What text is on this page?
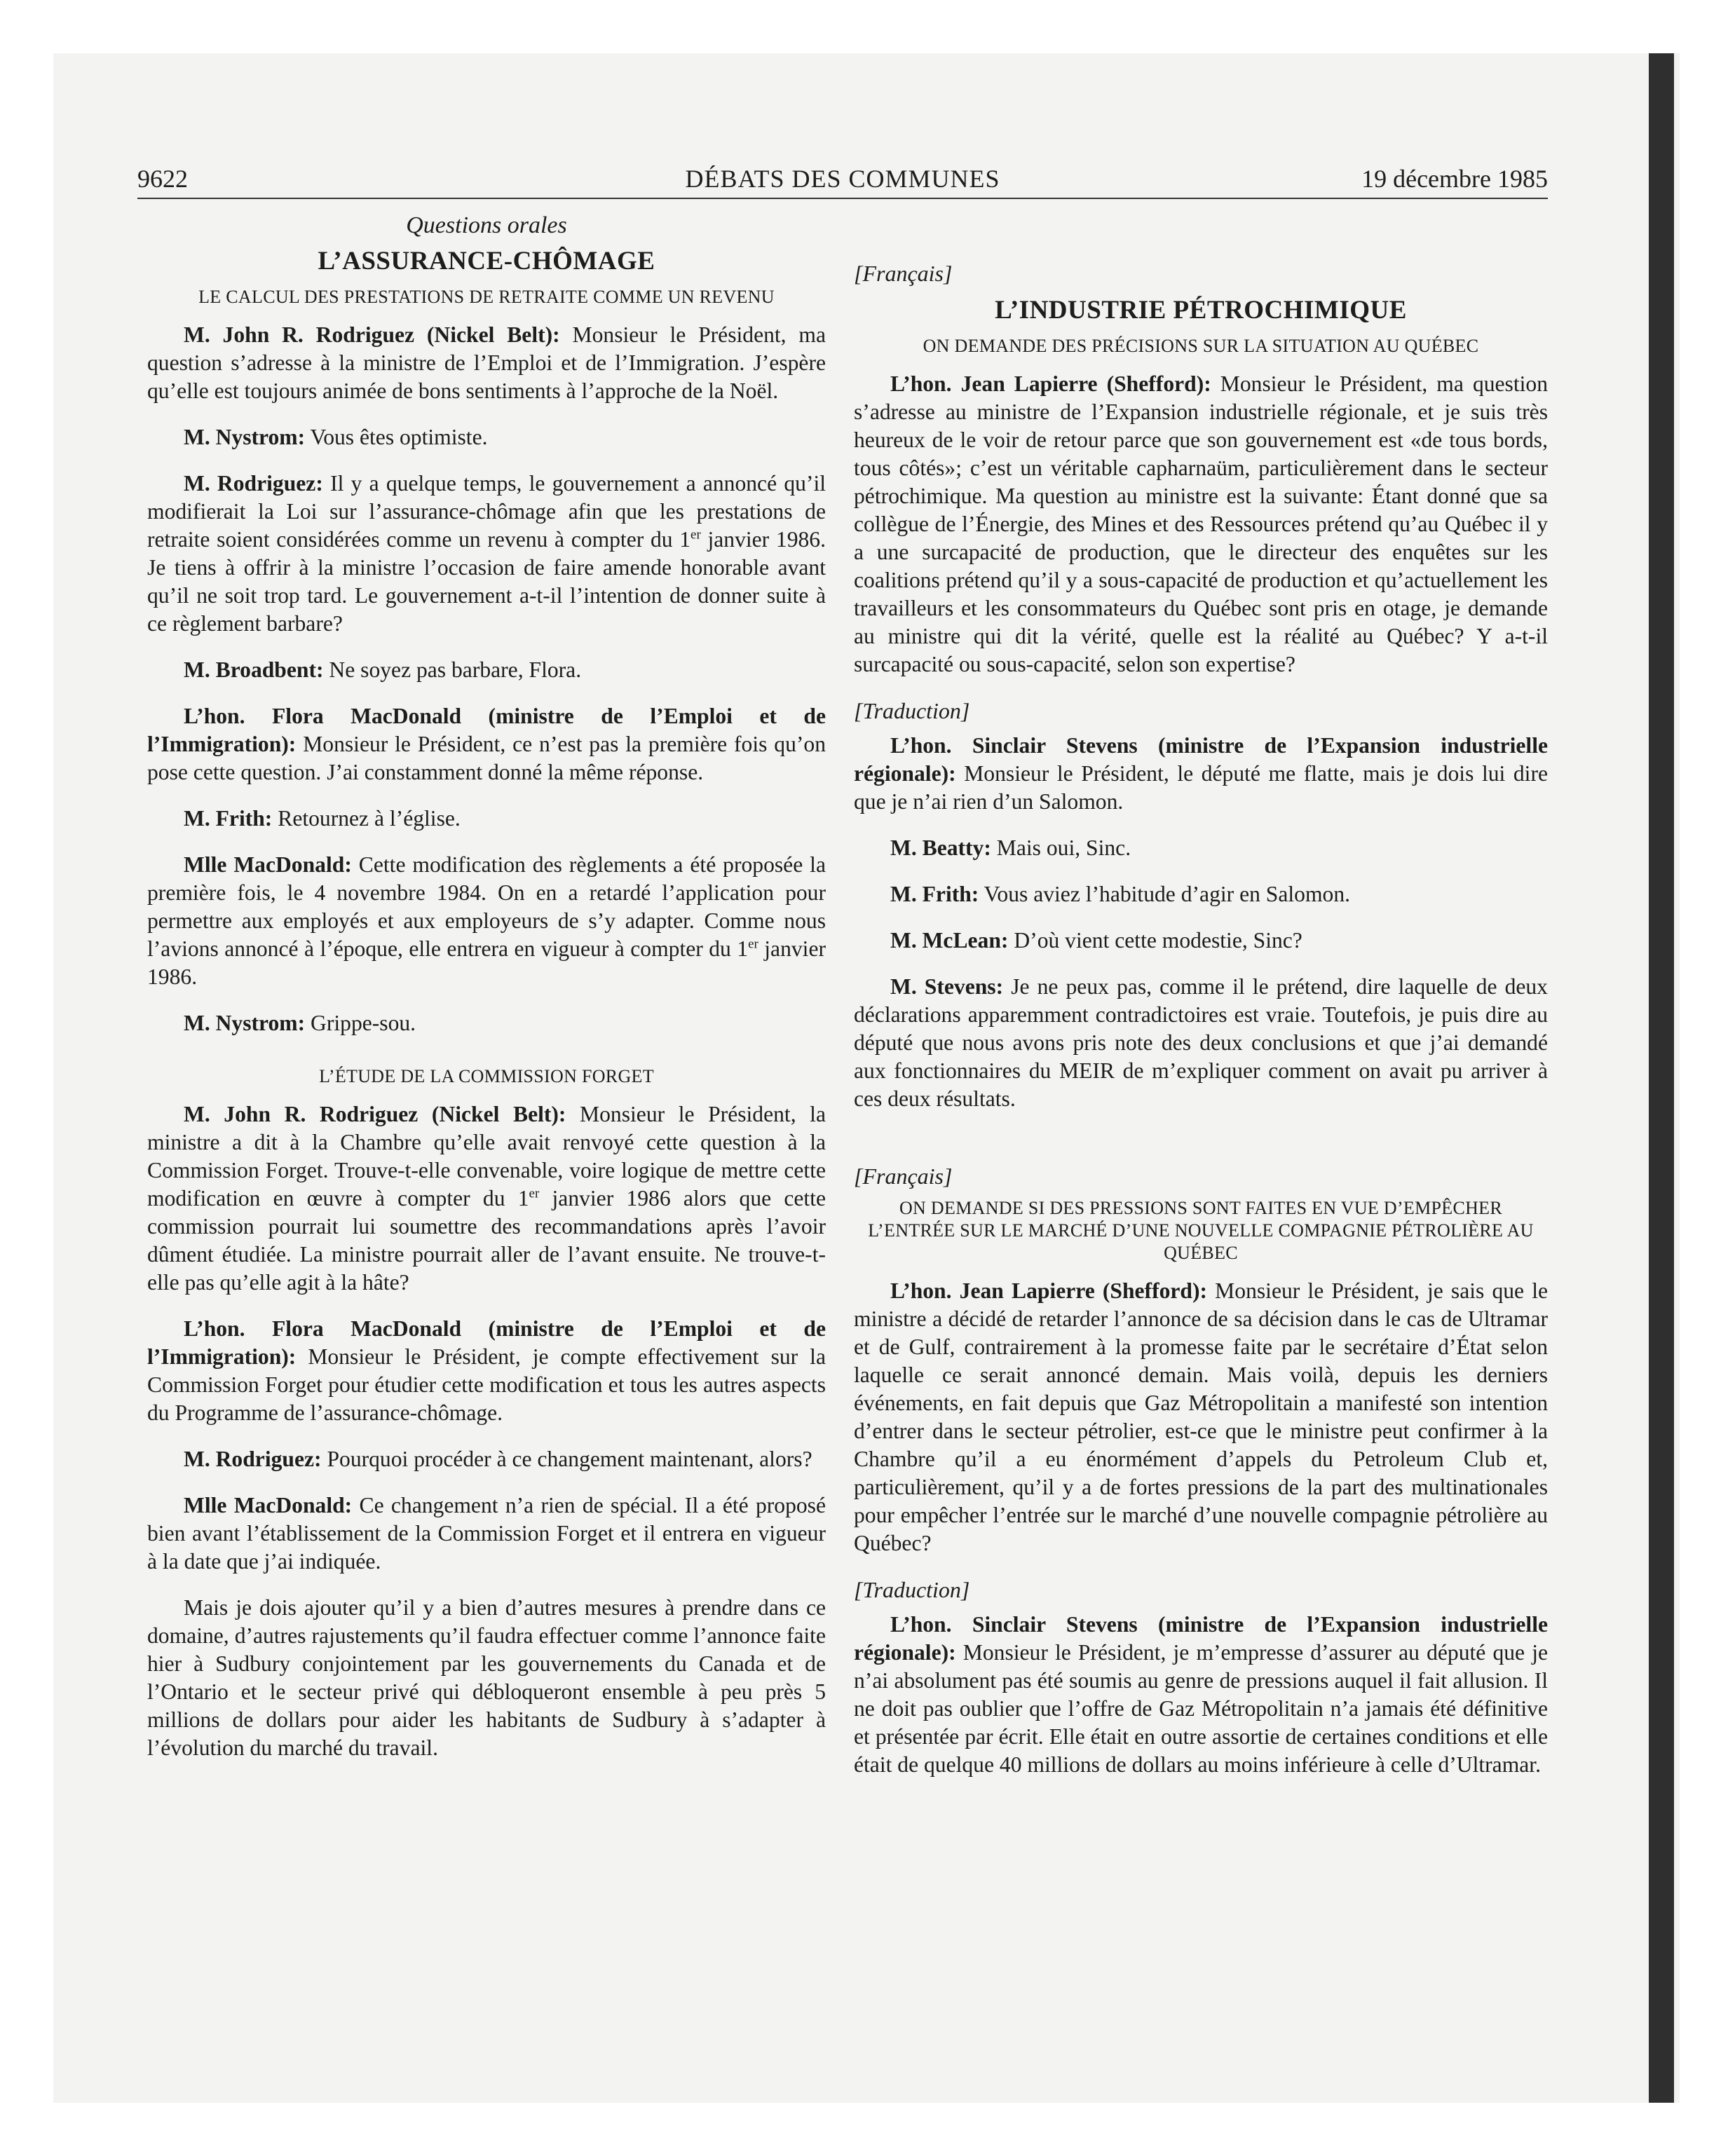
9622	DÉBATS DES COMMUNES	19 décembre 1985
Questions orales
L’ASSURANCE-CHÔMAGE
LE CALCUL DES PRESTATIONS DE RETRAITE COMME UN REVENU

M. John R. Rodriguez (Nickel Belt): Monsieur le Président, ma question s’adresse à la ministre de l’Emploi et de l’Immigration. J’espère qu’elle est toujours animée de bons sentiments à l’approche de la Noël.

M. Nystrom: Vous êtes optimiste.

M. Rodriguez: Il y a quelque temps, le gouvernement a annoncé qu’il modifierait la Loi sur l’assurance-chômage afin que les prestations de retraite soient considérées comme un revenu à compter du 1er janvier 1986. Je tiens à offrir à la ministre l’occasion de faire amende honorable avant qu’il ne soit trop tard. Le gouvernement a-t-il l’intention de donner suite à ce règlement barbare?

M. Broadbent: Ne soyez pas barbare, Flora.

L’hon. Flora MacDonald (ministre de l’Emploi et de l’Immigration): Monsieur le Président, ce n’est pas la première fois qu’on pose cette question. J’ai constamment donné la même réponse.

M. Frith: Retournez à l’église.

Mlle MacDonald: Cette modification des règlements a été proposée la première fois, le 4 novembre 1984. On en a retardé l’application pour permettre aux employés et aux employeurs de s’y adapter. Comme nous l’avions annoncé à l’époque, elle entrera en vigueur à compter du 1er janvier 1986.

M. Nystrom: Grippe-sou.

L’ÉTUDE DE LA COMMISSION FORGET

M. John R. Rodriguez (Nickel Belt): Monsieur le Président, la ministre a dit à la Chambre qu’elle avait renvoyé cette question à la Commission Forget. Trouve-t-elle convenable, voire logique de mettre cette modification en œuvre à compter du 1er janvier 1986 alors que cette commission pourrait lui soumettre des recommandations après l’avoir dûment étudiée. La ministre pourrait aller de l’avant ensuite. Ne trouve-t-elle pas qu’elle agit à la hâte?

L’hon. Flora MacDonald (ministre de l’Emploi et de l’Immigration): Monsieur le Président, je compte effectivement sur la Commission Forget pour étudier cette modification et tous les autres aspects du Programme de l’assurance-chômage.

M. Rodriguez: Pourquoi procéder à ce changement maintenant, alors?

Mlle MacDonald: Ce changement n’a rien de spécial. Il a été proposé bien avant l’établissement de la Commission Forget et il entrera en vigueur à la date que j’ai indiquée.

Mais je dois ajouter qu’il y a bien d’autres mesures à prendre dans ce domaine, d’autres rajustements qu’il faudra effectuer comme l’annonce faite hier à Sudbury conjointement par les gouvernements du Canada et de l’Ontario et le secteur privé qui débloqueront ensemble à peu près 5 millions de dollars pour aider les habitants de Sudbury à s’adapter à l’évolution du marché du travail.

[Français]
L’INDUSTRIE PÉTROCHIMIQUE
ON DEMANDE DES PRÉCISIONS SUR LA SITUATION AU QUÉBEC

L’hon. Jean Lapierre (Shefford): Monsieur le Président, ma question s’adresse au ministre de l’Expansion industrielle régionale, et je suis très heureux de le voir de retour parce que son gouvernement est «de tous bords, tous côtés»; c’est un véritable capharnaüm, particulièrement dans le secteur pétrochimique. Ma question au ministre est la suivante: Étant donné que sa collègue de l’Énergie, des Mines et des Ressources prétend qu’au Québec il y a une surcapacité de production, que le directeur des enquêtes sur les coalitions prétend qu’il y a sous-capacité de production et qu’actuellement les travailleurs et les consommateurs du Québec sont pris en otage, je demande au ministre qui dit la vérité, quelle est la réalité au Québec? Y a-t-il surcapacité ou sous-capacité, selon son expertise?

[Traduction]

L’hon. Sinclair Stevens (ministre de l’Expansion industrielle régionale): Monsieur le Président, le député me flatte, mais je dois lui dire que je n’ai rien d’un Salomon.

M. Beatty: Mais oui, Sinc.

M. Frith: Vous aviez l’habitude d’agir en Salomon.

M. McLean: D’où vient cette modestie, Sinc?

M. Stevens: Je ne peux pas, comme il le prétend, dire laquelle de deux déclarations apparemment contradictoires est vraie. Toutefois, je puis dire au député que nous avons pris note des deux conclusions et que j’ai demandé aux fonctionnaires du MEIR de m’expliquer comment on avait pu arriver à ces deux résultats.

[Français]
ON DEMANDE SI DES PRESSIONS SONT FAITES EN VUE D’EMPÊCHER L’ENTRÉE SUR LE MARCHÉ D’UNE NOUVELLE COMPAGNIE PÉTROLIÈRE AU QUÉBEC

L’hon. Jean Lapierre (Shefford): Monsieur le Président, je sais que le ministre a décidé de retarder l’annonce de sa décision dans le cas de Ultramar et de Gulf, contrairement à la promesse faite par le secrétaire d’État selon laquelle ce serait annoncé demain. Mais voilà, depuis les derniers événements, en fait depuis que Gaz Métropolitain a manifesté son intention d’entrer dans le secteur pétrolier, est-ce que le ministre peut confirmer à la Chambre qu’il a eu énormément d’appels du Petroleum Club et, particulièrement, qu’il y a de fortes pressions de la part des multinationales pour empêcher l’entrée sur le marché d’une nouvelle compagnie pétrolière au Québec?

[Traduction]

L’hon. Sinclair Stevens (ministre de l’Expansion industrielle régionale): Monsieur le Président, je m’empresse d’assurer au député que je n’ai absolument pas été soumis au genre de pressions auquel il fait allusion. Il ne doit pas oublier que l’offre de Gaz Métropolitain n’a jamais été définitive et présentée par écrit. Elle était en outre assortie de certaines conditions et elle était de quelque 40 millions de dollars au moins inférieure à celle d’Ultramar.
